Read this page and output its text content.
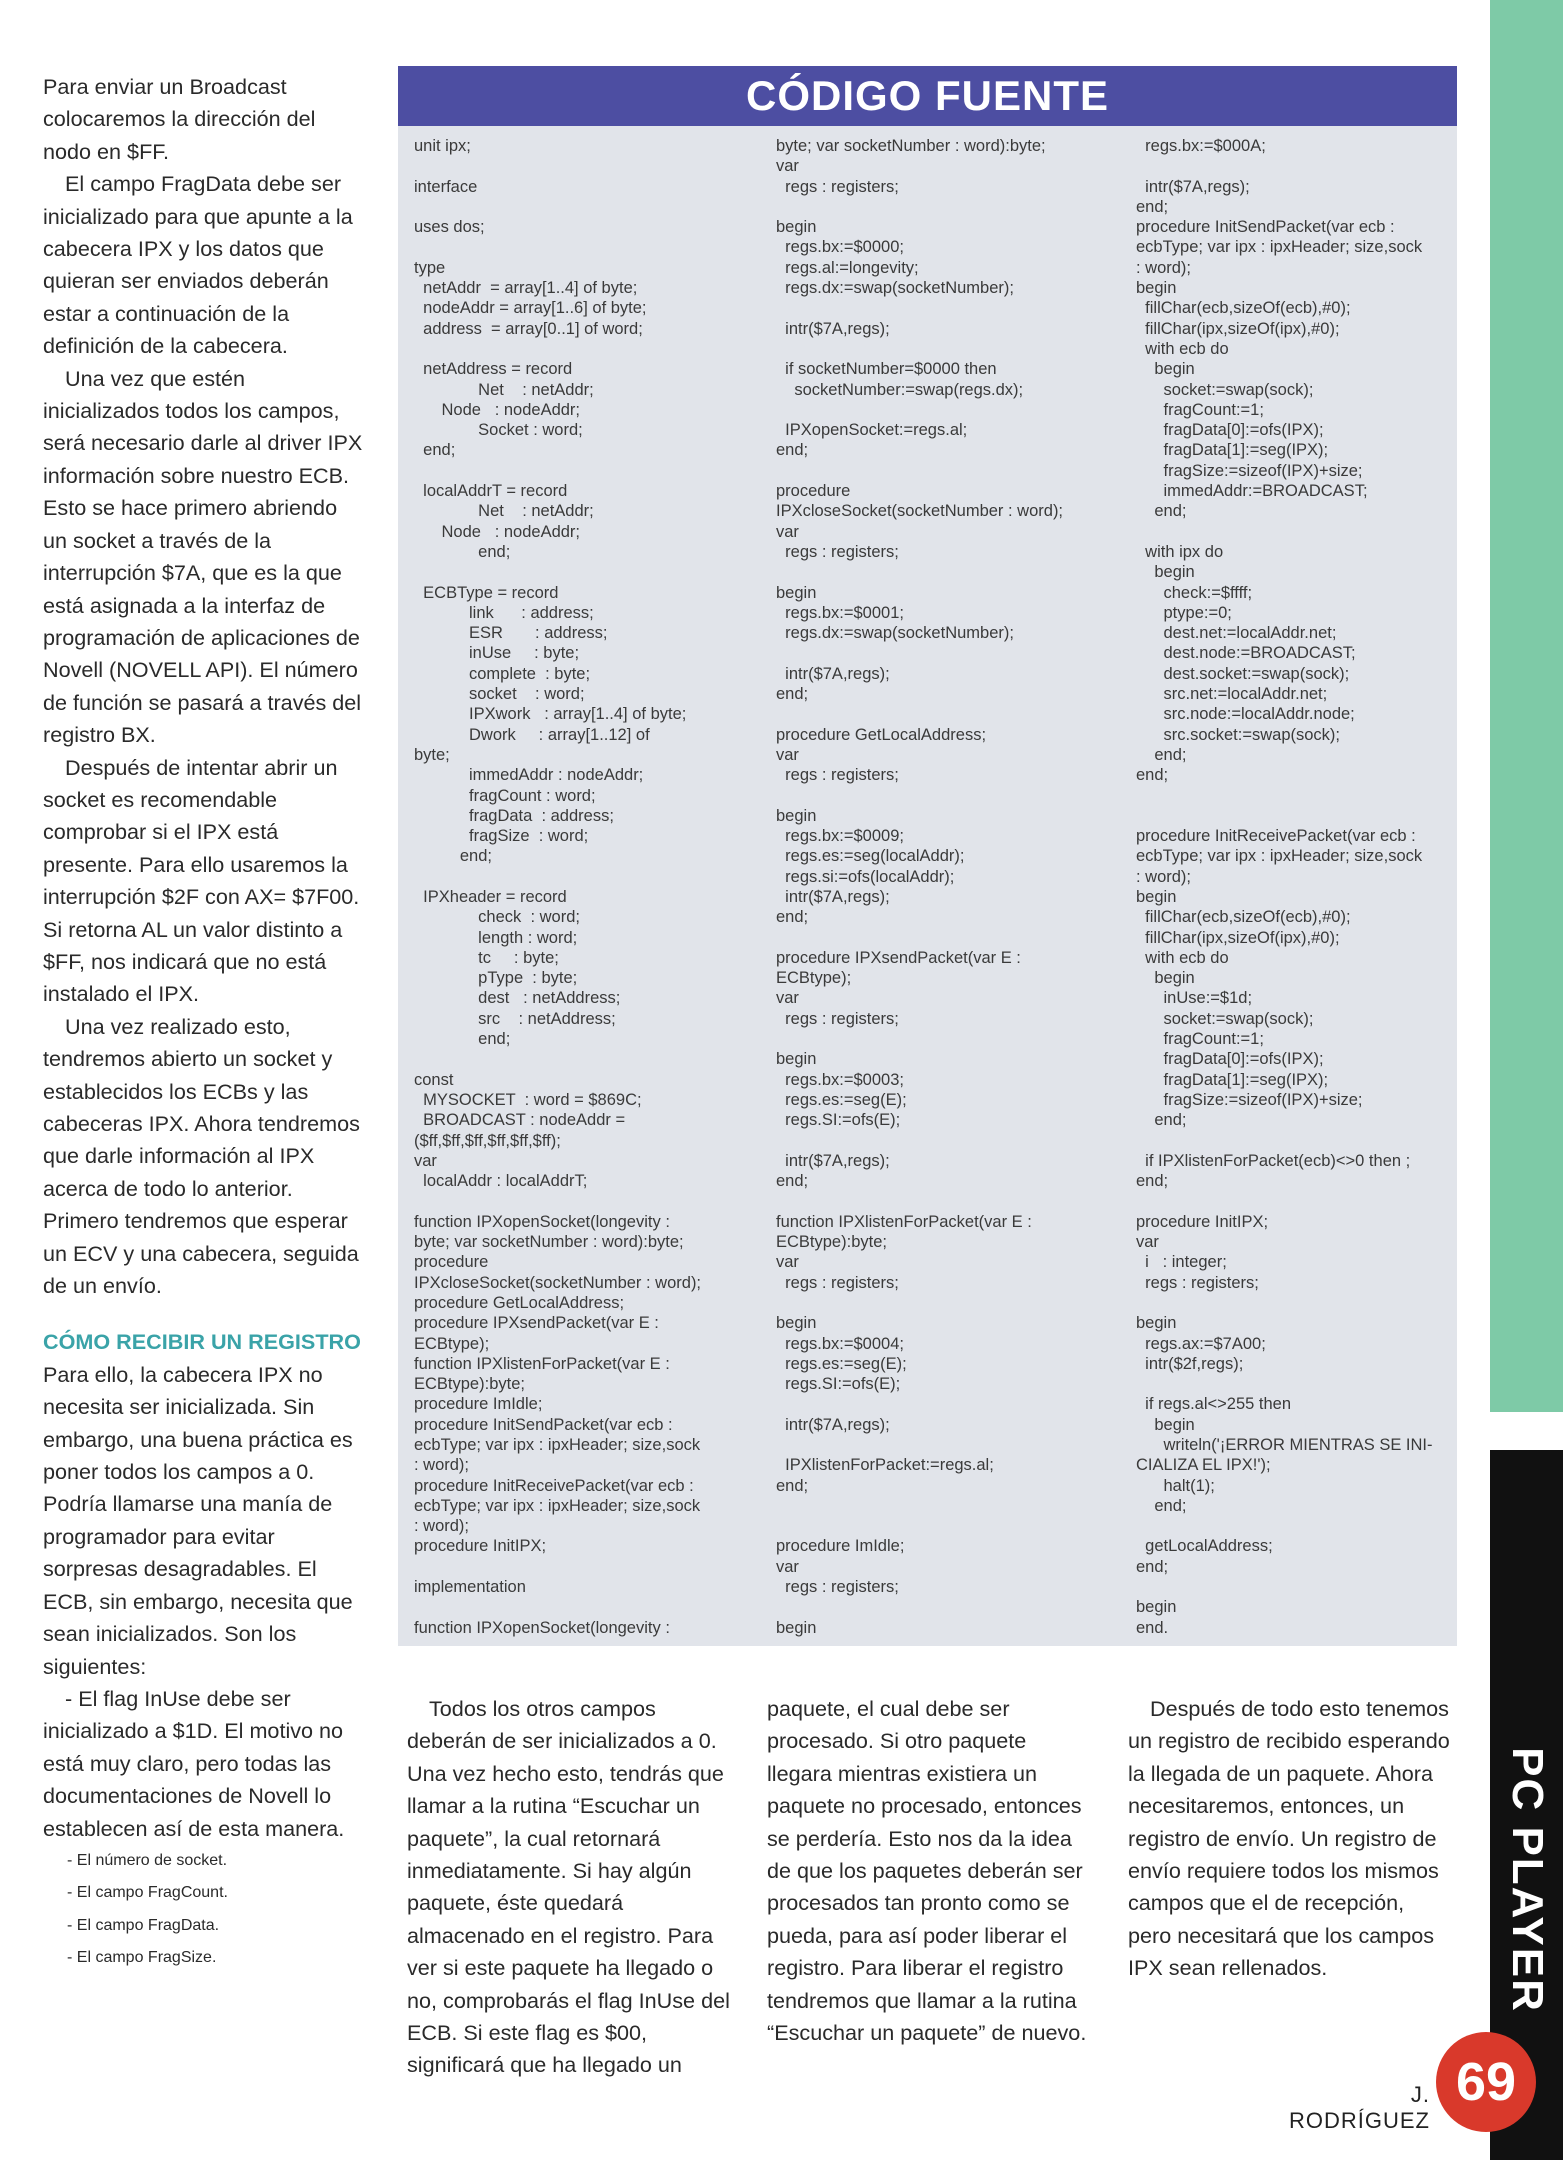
PC PLAYER
69
J. RODRÍGUEZ

Para enviar un Broadcast colocaremos la dirección del nodo en $FF.

El campo FragData debe ser inicializado para que apunte a la cabecera IPX y los datos que quieran ser enviados deberán estar a continuación de la definición de la cabecera.

Una vez que estén inicializados todos los campos, será necesario darle al driver IPX información sobre nuestro ECB. Esto se hace primero abriendo un socket a través de la interrupción $7A, que es la que está asignada a la interfaz de programación de aplicaciones de Novell (NOVELL API). El número de función se pasará a través del registro BX.

Después de intentar abrir un socket es recomendable comprobar si el IPX está presente. Para ello usaremos la interrupción $2F con AX= $7F00. Si retorna AL un valor distinto a $FF, nos indicará que no está instalado el IPX.

Una vez realizado esto, tendremos abierto un socket y establecidos los ECBs y las cabeceras IPX. Ahora tendremos que darle información al IPX acerca de todo lo anterior. Primero tendremos que esperar un ECV y una cabecera, seguida de un envío.

CÓMO RECIBIR UN REGISTRO

Para ello, la cabecera IPX no necesita ser inicializada. Sin embargo, una buena práctica es poner todos los campos a 0. Podría llamarse una manía de programador para evitar sorpresas desagradables. El ECB, sin embargo, necesita que sean inicializados. Son los siguientes:

- El flag InUse debe ser inicializado a $1D. El motivo no está muy claro, pero todas las documentaciones de Novell lo establecen así de esta manera.

- El número de socket.
- El campo FragCount.
- El campo FragData.
- El campo FragSize.
CÓDIGO FUENTE
unit ipx;

interface

uses dos;

type
netAddr  = array[1..4] of byte;
nodeAddr = array[1..6] of byte;
address  = array[0..1] of word;

netAddress = record
Net    : netAddr;
Node   : nodeAddr;
Socket : word;
end;

localAddrT = record
Net    : netAddr;
Node   : nodeAddr;
end;

ECBType = record
link      : address;
ESR       : address;
inUse     : byte;
complete  : byte;
socket    : word;
IPXwork   : array[1..4] of byte;
Dwork     : array[1..12] of
byte;
immedAddr : nodeAddr;
fragCount : word;
fragData  : address;
fragSize  : word;
end;

IPXheader = record
check  : word;
length : word;
tc     : byte;
pType  : byte;
dest   : netAddress;
src    : netAddress;
end;

const
MYSOCKET  : word = $869C;
BROADCAST : nodeAddr =
($ff,$ff,$ff,$ff,$ff,$ff);
var
localAddr : localAddrT;

function IPXopenSocket(longevity :
byte; var socketNumber : word):byte;
procedure
IPXcloseSocket(socketNumber : word);
procedure GetLocalAddress;
procedure IPXsendPacket(var E :
ECBtype);
function IPXlistenForPacket(var E :
ECBtype):byte;
procedure ImIdle;
procedure InitSendPacket(var ecb :
ecbType; var ipx : ipxHeader; size,sock
: word);
procedure InitReceivePacket(var ecb :
ecbType; var ipx : ipxHeader; size,sock
: word);
procedure InitIPX;

implementation

function IPXopenSocket(longevity :
byte; var socketNumber : word):byte;
var
regs : registers;

begin
regs.bx:=$0000;
regs.al:=longevity;
regs.dx:=swap(socketNumber);

intr($7A,regs);

if socketNumber=$0000 then
socketNumber:=swap(regs.dx);

IPXopenSocket:=regs.al;
end;

procedure
IPXcloseSocket(socketNumber : word);
var
regs : registers;

begin
regs.bx:=$0001;
regs.dx:=swap(socketNumber);

intr($7A,regs);
end;

procedure GetLocalAddress;
var
regs : registers;

begin
regs.bx:=$0009;
regs.es:=seg(localAddr);
regs.si:=ofs(localAddr);
intr($7A,regs);
end;

procedure IPXsendPacket(var E :
ECBtype);
var
regs : registers;

begin
regs.bx:=$0003;
regs.es:=seg(E);
regs.SI:=ofs(E);

intr($7A,regs);
end;

function IPXlistenForPacket(var E :
ECBtype):byte;
var
regs : registers;

begin
regs.bx:=$0004;
regs.es:=seg(E);
regs.SI:=ofs(E);

intr($7A,regs);

IPXlistenForPacket:=regs.al;
end;

procedure ImIdle;
var
regs : registers;

begin
regs.bx:=$000A;

intr($7A,regs);
end;
procedure InitSendPacket(var ecb :
ecbType; var ipx : ipxHeader; size,sock
: word);
begin
fillChar(ecb,sizeOf(ecb),#0);
fillChar(ipx,sizeOf(ipx),#0);
with ecb do
begin
socket:=swap(sock);
fragCount:=1;
fragData[0]:=ofs(IPX);
fragData[1]:=seg(IPX);
fragSize:=sizeof(IPX)+size;
immedAddr:=BROADCAST;
end;

with ipx do
begin
check:=$ffff;
ptype:=0;
dest.net:=localAddr.net;
dest.node:=BROADCAST;
dest.socket:=swap(sock);
src.net:=localAddr.net;
src.node:=localAddr.node;
src.socket:=swap(sock);
end;
end;

procedure InitReceivePacket(var ecb :
ecbType; var ipx : ipxHeader; size,sock
: word);
begin
fillChar(ecb,sizeOf(ecb),#0);
fillChar(ipx,sizeOf(ipx),#0);
with ecb do
begin
inUse:=$1d;
socket:=swap(sock);
fragCount:=1;
fragData[0]:=ofs(IPX);
fragData[1]:=seg(IPX);
fragSize:=sizeof(IPX)+size;
end;

if IPXlistenForPacket(ecb)<>0 then ;
end;

procedure InitIPX;
var
i   : integer;
regs : registers;

begin
regs.ax:=$7A00;
intr($2f,regs);

if regs.al<>255 then
begin
writeln('¡ERROR MIENTRAS SE INI-
CIALIZA EL IPX!');
halt(1);
end;

getLocalAddress;
end;

begin
end.

Todos los otros campos deberán de ser inicializados a 0. Una vez hecho esto, tendrás que llamar a la rutina “Escuchar un paquete”, la cual retornará inmediatamente. Si hay algún paquete, éste quedará almacenado en el registro. Para ver si este paquete ha llegado o no, comprobarás el flag InUse del ECB. Si este flag es $00, significará que ha llegado un

paquete, el cual debe ser procesado. Si otro paquete llegara mientras existiera un paquete no procesado, entonces se perdería. Esto nos da la idea de que los paquetes deberán ser procesados tan pronto como se pueda, para así poder liberar el registro. Para liberar el registro tendremos que llamar a la rutina “Escuchar un paquete” de nuevo.

Después de todo esto tenemos un registro de recibido esperando la llegada de un paquete. Ahora necesitaremos, entonces, un registro de envío. Un registro de envío requiere todos los mismos campos que el de recepción, pero necesitará que los campos IPX sean rellenados.
